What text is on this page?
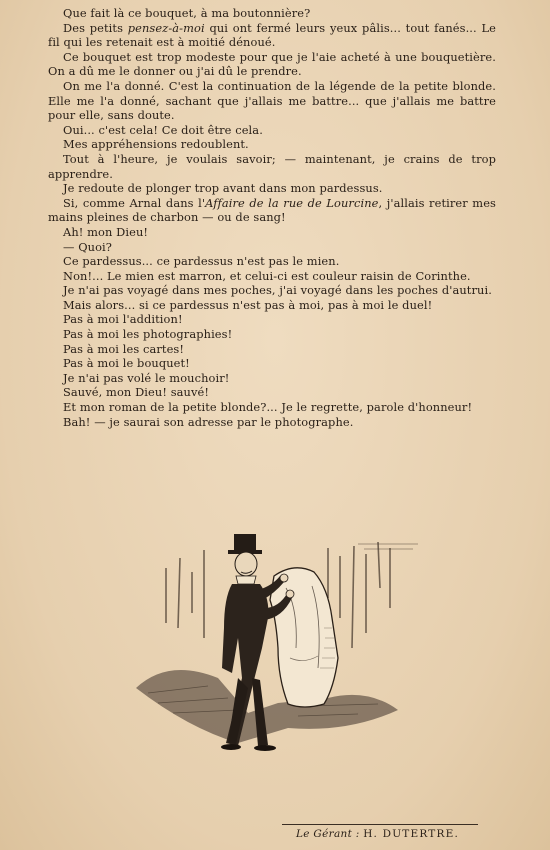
Que fait là ce bouquet, à ma boutonnière?

Des petits pensez-à-moi qui ont fermé leurs yeux pâlis... tout fanés... Le fil qui les retenait est à moitié dénoué.

Ce bouquet est trop modeste pour que je l'aie acheté à une bouquetière. On a dû me le donner ou j'ai dû le prendre.

On me l'a donné. C'est la continuation de la légende de la petite blonde. Elle me l'a donné, sachant que j'allais me battre... que j'allais me battre pour elle, sans doute.

Oui... c'est cela! Ce doit être cela.

Mes appréhensions redoublent.

Tout à l'heure, je voulais savoir; — maintenant, je crains de trop apprendre.

Je redoute de plonger trop avant dans mon pardessus.

Si, comme Arnal dans l'Affaire de la rue de Lourcine, j'allais retirer mes mains pleines de charbon — ou de sang!

Ah! mon Dieu!

— Quoi?

Ce pardessus... ce pardessus n'est pas le mien.

Non!... Le mien est marron, et celui-ci est couleur raisin de Corinthe.

Je n'ai pas voyagé dans mes poches, j'ai voyagé dans les poches d'autrui.

Mais alors... si ce pardessus n'est pas à moi, pas à moi le duel!

Pas à moi l'addition!

Pas à moi les photographies!

Pas à moi les cartes!

Pas à moi le bouquet!

Je n'ai pas volé le mouchoir!

Sauvé, mon Dieu! sauvé!

Et mon roman de la petite blonde?... Je le regrette, parole d'honneur!

Bah! — je saurai son adresse par le photographe.

Le Gérant : H. DUTERTRE.
